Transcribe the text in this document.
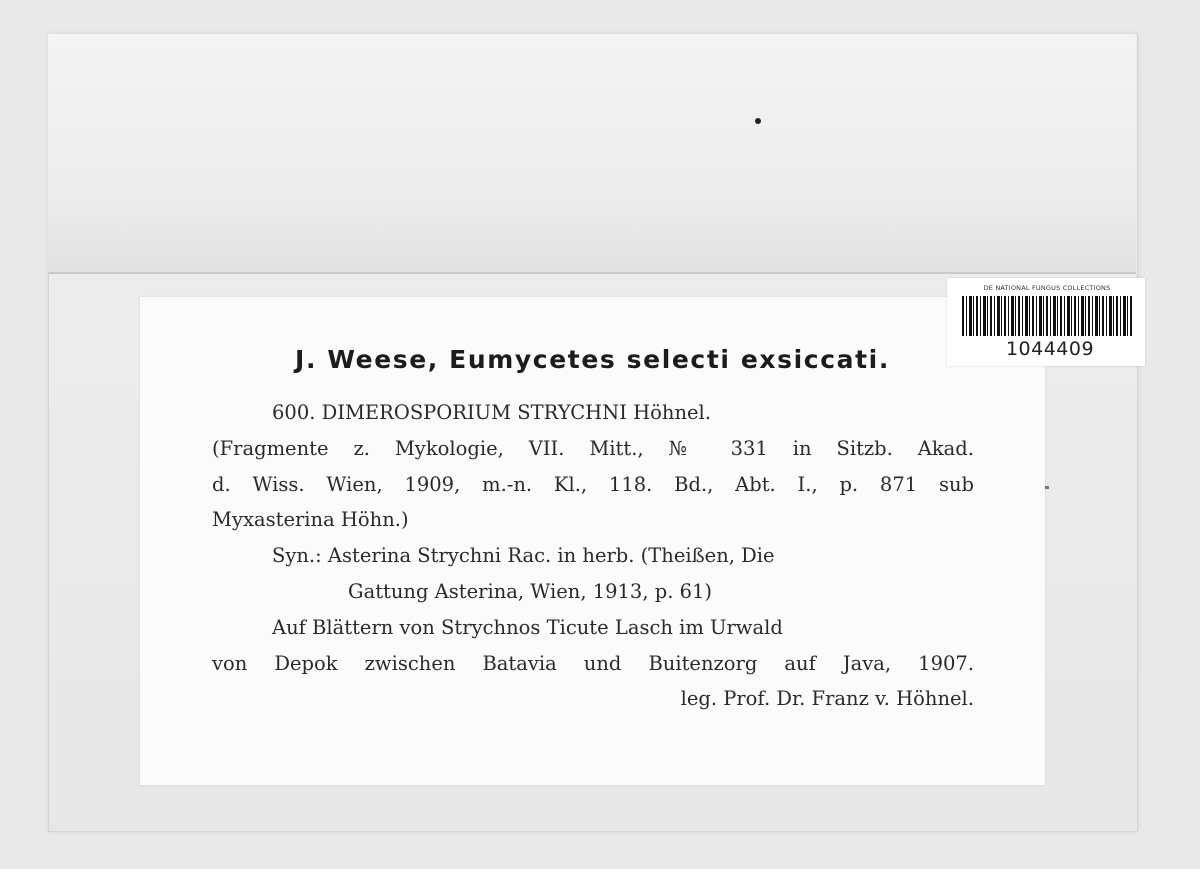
J. Weese, Eumycetes selecti exsiccati.
600. DIMEROSPORIUM STRYCHNI Höhnel.
(Fragmente z. Mykologie, VII. Mitt., № 331 in Sitzb. Akad.
d. Wiss. Wien, 1909, m.-n. Kl., 118. Bd., Abt. I., p. 871 sub
Myxasterina Höhn.)
Syn.: Asterina Strychni Rac. in herb. (Theißen, Die
Gattung Asterina, Wien, 1913, p. 61)
Auf Blättern von Strychnos Ticute Lasch im Urwald
von Depok zwischen Batavia und Buitenzorg auf Java, 1907.
leg. Prof. Dr. Franz v. Höhnel.
DE NATIONAL FUNGUS COLLECTIONS
1044409
